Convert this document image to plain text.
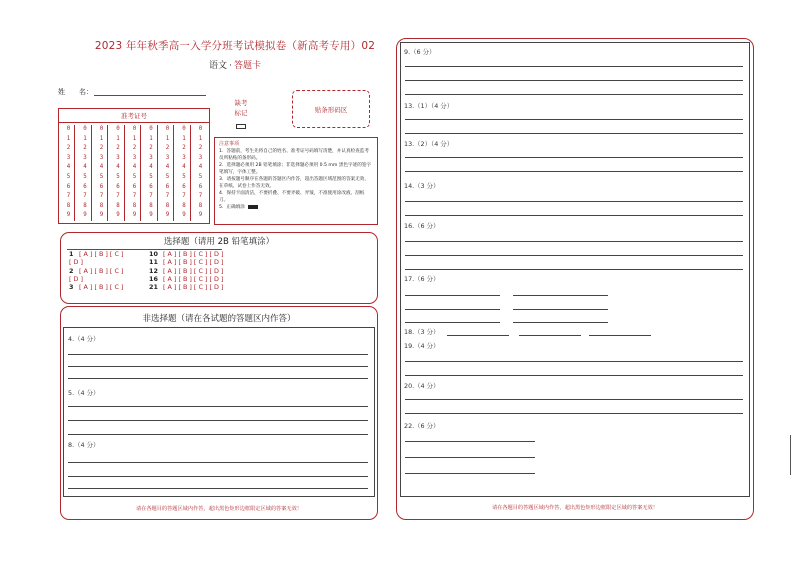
2023 年年秋季高一入学分班考试模拟卷（新高考专用）02
语文 · 答题卡
姓　　名：
准考证号
0
1
2
3
4
5
6
7
8
9
0
1
2
3
4
5
6
7
8
9
0
1
2
3
4
5
6
7
8
9
0
1
2
3
4
5
6
7
8
9
0
1
2
3
4
5
6
7
8
9
0
1
2
3
4
5
6
7
8
9
0
1
2
3
4
5
6
7
8
9
0
1
2
3
4
5
6
7
8
9
0
1
2
3
4
5
6
7
8
9
缺考
标记	贴条形码区
注意事项
1．答题前，考生先将自己的姓名、准考证号码填写清楚，并认真检查监考员所粘贴的条形码。
2．选择题必须用 2B 铅笔填涂；非选择题必须用 0.5 mm 黑色字迹的签字笔填写，字体工整。
3．请按题号顺序在各题的答题区内作答，超出答题区域范围的答案无效，在草纸、试卷上作答无效。
4．保持卡面清洁，不要折叠、不要弄破、弄皱，不准使用涂改液、刮纸刀。
5．正确填涂
选择题（请用 2B 铅笔填涂）
1 [ A ] [ B ] [ C ]
[ D ]
2 [ A ] [ B ] [ C ]
[ D ]
3 [ A ] [ B ] [ C ]
10 [ A ] [ B ] [ C ] [ D ]
11 [ A ] [ B ] [ C ] [ D ]
12 [ A ] [ B ] [ C ] [ D ]
16 [ A ] [ B ] [ C ] [ D ]
21 [ A ] [ B ] [ C ] [ D ]
非选择题（请在各试题的答题区内作答）
4.（4 分）
5.（4 分）
8.（4 分）
请在各题目的答题区域内作答，超出黑色矩形边框限定区域的答案无效！
9.（6 分）
13.（1）（4 分）
13.（2）（4 分）
14.（3 分）
16.（6 分）
17.（6 分）
18.（3 分）
19.（4 分）
20.（4 分）
22.（6 分）
请在各题目的答题区域内作答，超出黑色矩形边框限定区域的答案无效！
